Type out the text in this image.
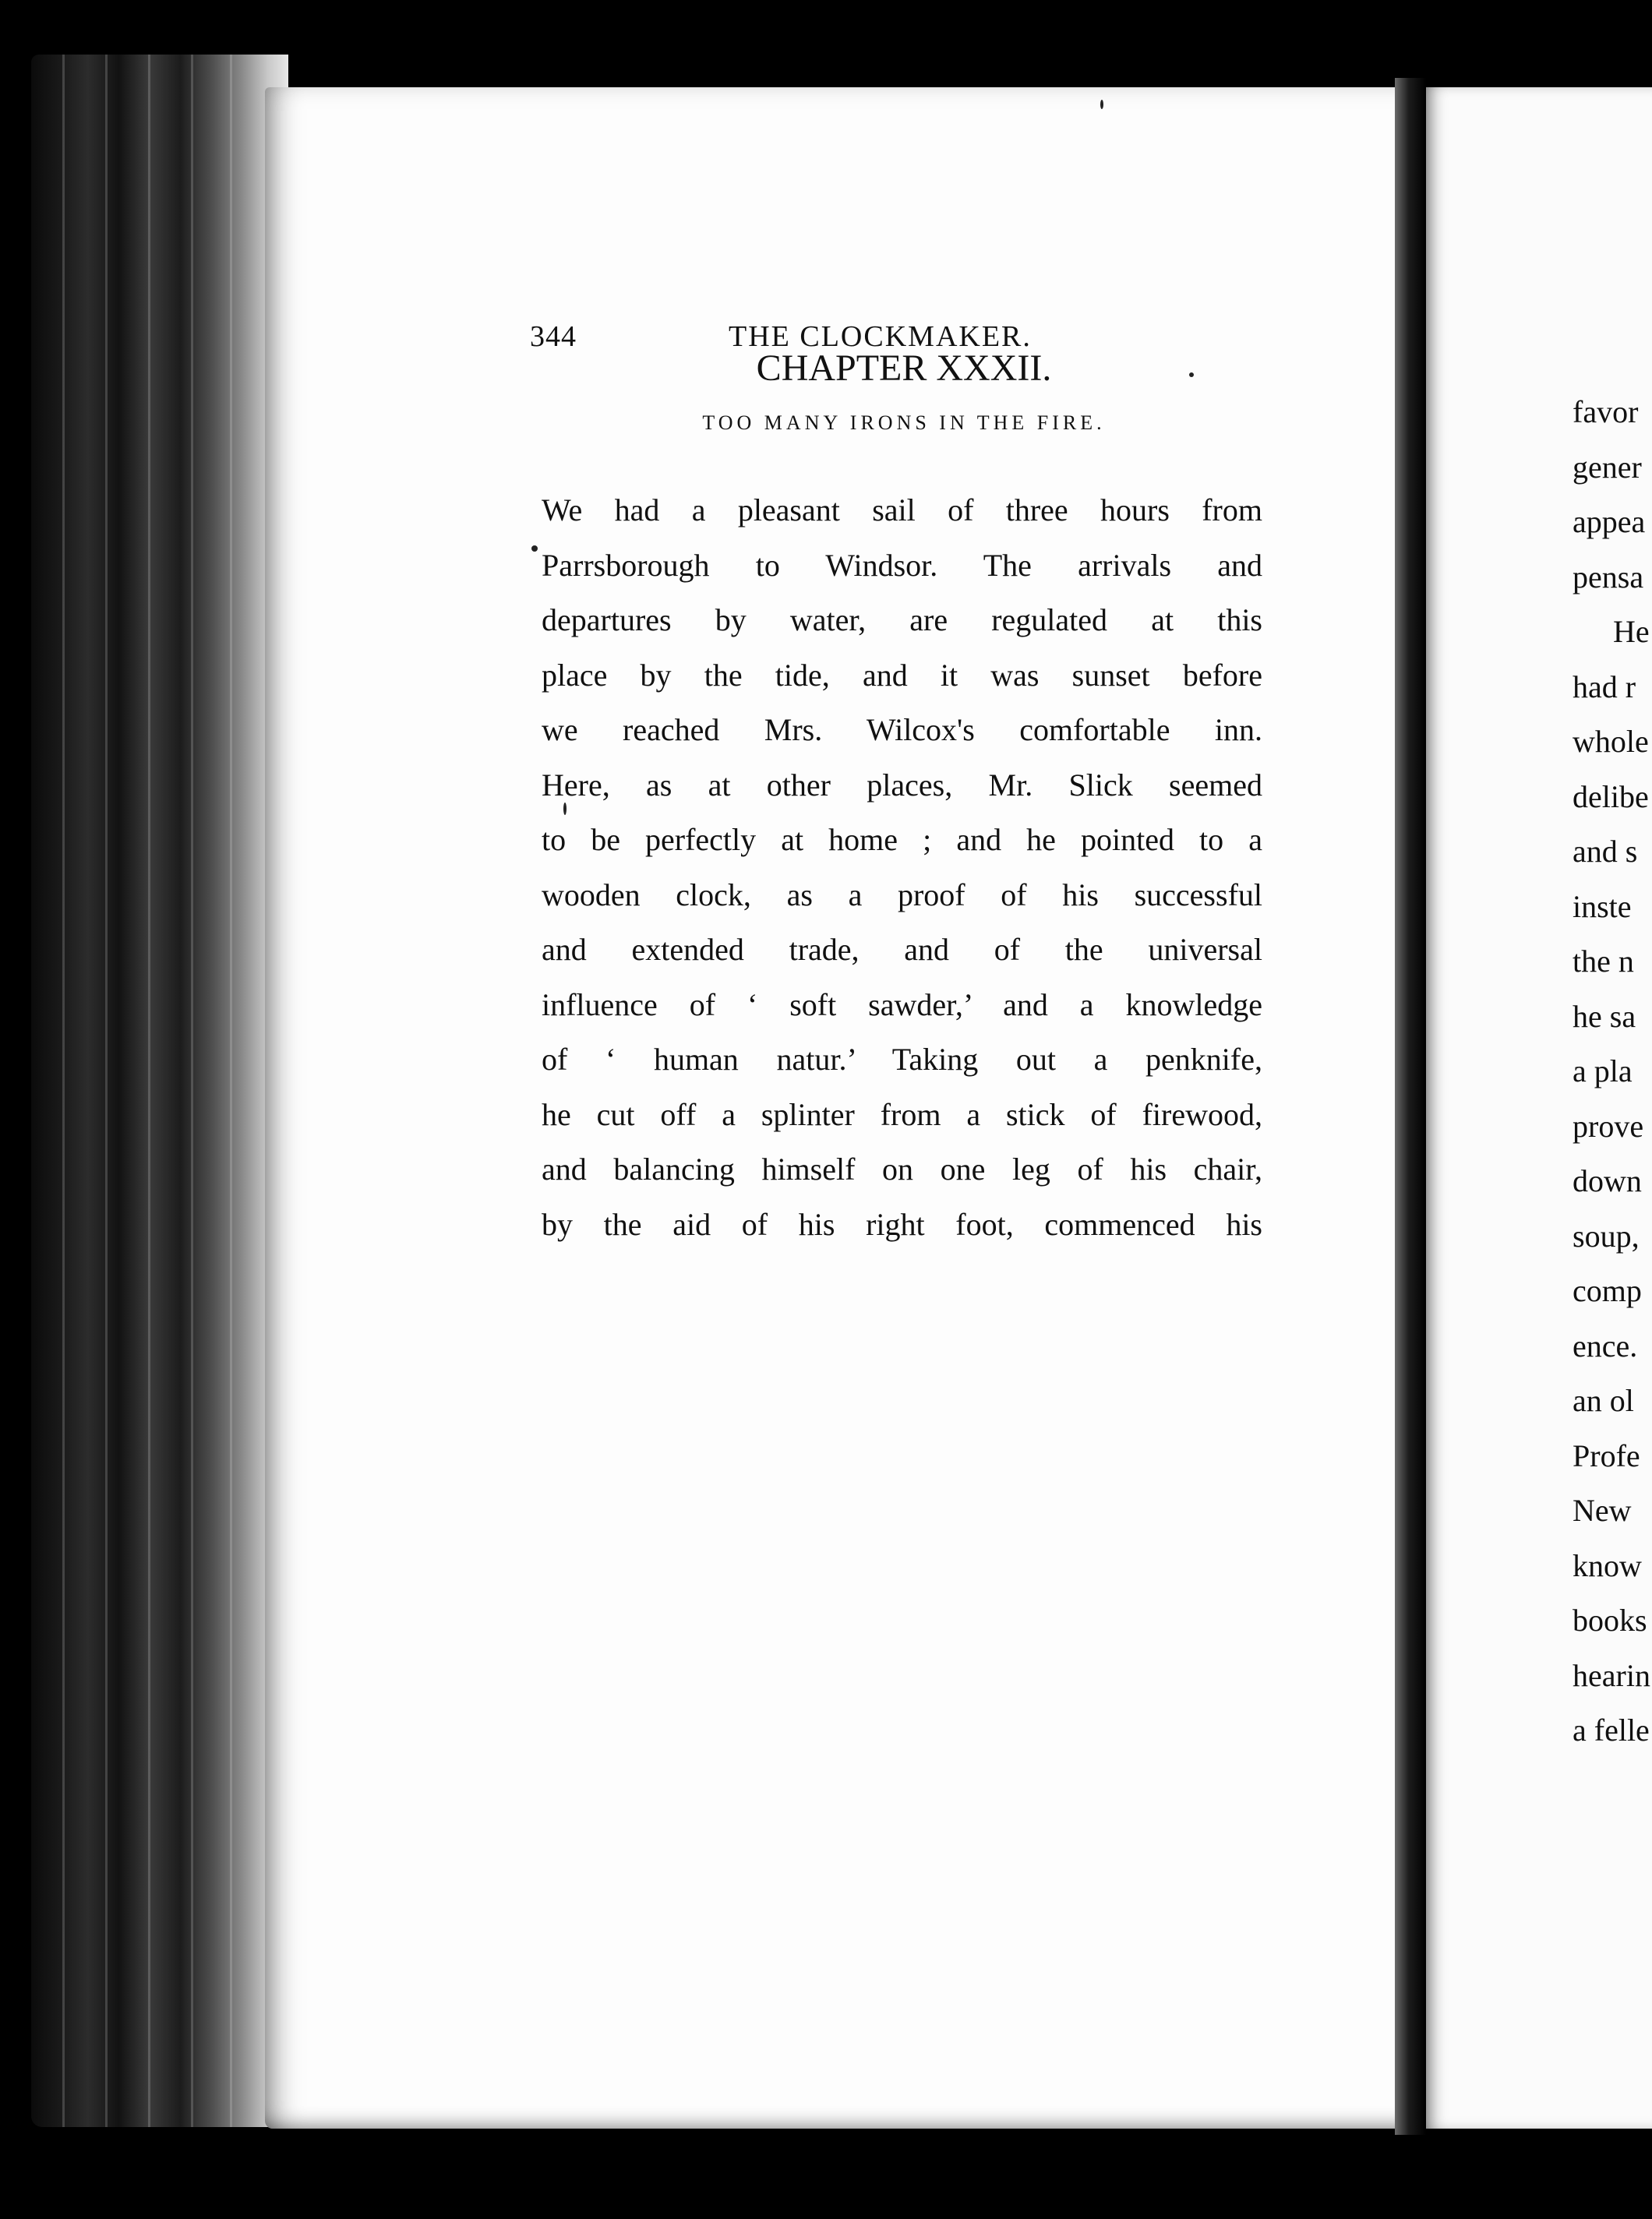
344	THE CLOCKMAKER.
CHAPTER XXXII.
TOO MANY IRONS IN THE FIRE.
We had a pleasant sail of three hours from
Parrsborough to Windsor. The arrivals and
departures by water, are regulated at this
place by the tide, and it was sunset before
we reached Mrs. Wilcox's comfortable inn.
Here, as at other places, Mr. Slick seemed
to be perfectly at home ; and he pointed to a
wooden clock, as a proof of his successful
and extended trade, and of the universal
influence of ‘ soft sawder,’ and a knowledge
of ‘ human natur.’ Taking out a penknife,
he cut off a splinter from a stick of firewood,
and balancing himself on one leg of his chair,
by the aid of his right foot, commenced his
favor
gener
appea
pensa
He
had r
whole
delibe
and s
inste
the n
he sa
a pla
prove
down
soup,
comp
ence.
an ol
Profe
New
know
books
hearin
a felle
